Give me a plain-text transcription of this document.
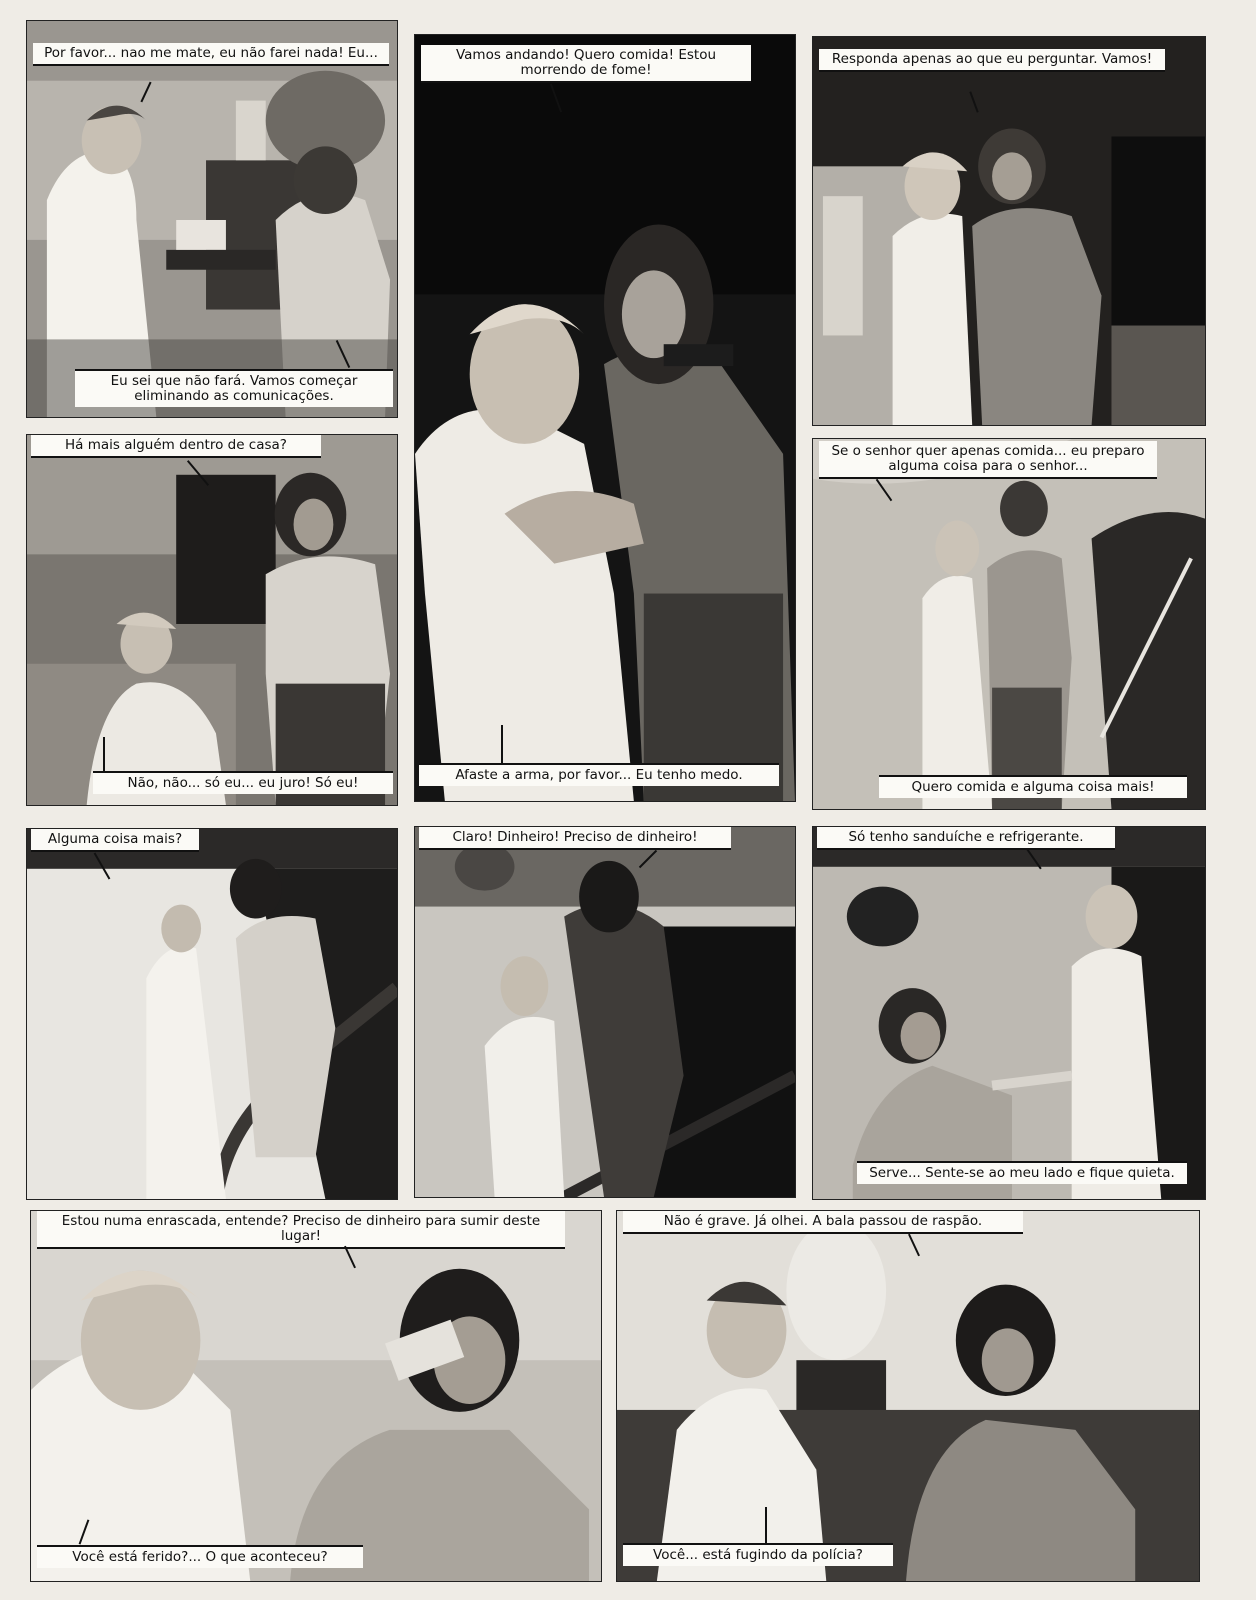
Por favor... nao me mate, eu não farei nada! Eu...
Eu sei que não fará. Vamos começar eliminando as comunicações.
Vamos andando! Quero comida! Estou morrendo de fome!
Afaste a arma, por favor... Eu tenho medo.
Responda apenas ao que eu perguntar. Vamos!
Há mais alguém dentro de casa?
Não, não... só eu... eu juro! Só eu!
Se o senhor quer apenas comida... eu preparo alguma coisa para o senhor...
Quero comida e alguma coisa mais!
Alguma coisa mais?	Claro! Dinheiro! Preciso de dinheiro!	Só tenho sanduíche e refrigerante.
Serve... Sente-se ao meu lado e fique quieta.
Estou numa enrascada, entende? Preciso de dinheiro para sumir deste lugar!
Você está ferido?... O que aconteceu?
Não é grave. Já olhei. A bala passou de raspão.
Você... está fugindo da polícia?
